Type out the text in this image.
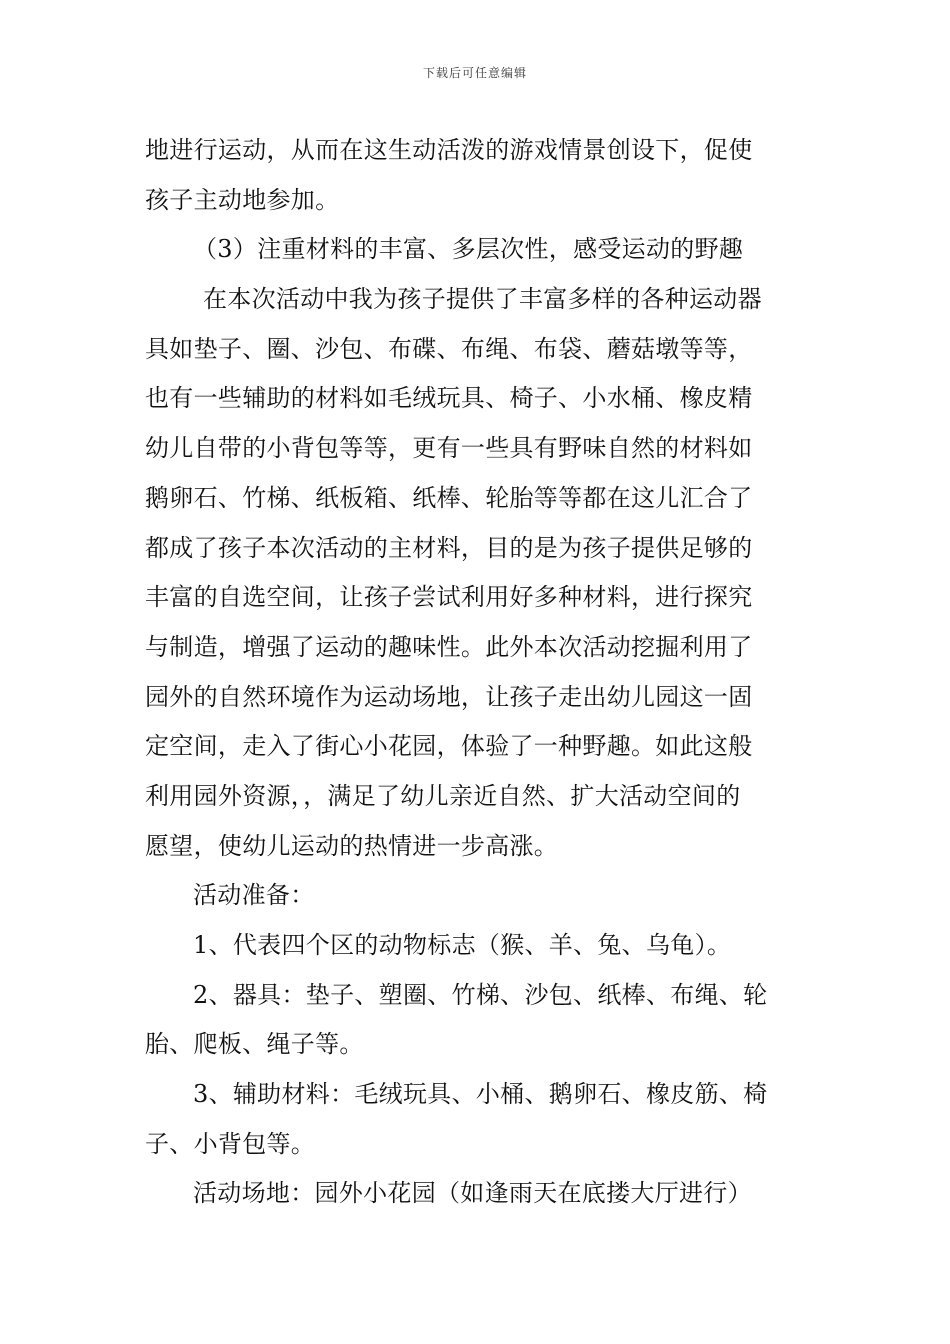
下载后可任意编辑
地进行运动，从而在这生动活泼的游戏情景创设下，促使
孩子主动地参加。
（3）注重材料的丰富、多层次性，感受运动的野趣
在本次活动中我为孩子提供了丰富多样的各种运动器
具如垫子、圈、沙包、布碟、布绳、布袋、蘑菇墩等等，
也有一些辅助的材料如毛绒玩具、椅子、小水桶、橡皮精
幼儿自带的小背包等等，更有一些具有野味自然的材料如
鹅卵石、竹梯、纸板箱、纸棒、轮胎等等都在这儿汇合了
都成了孩子本次活动的主材料，目的是为孩子提供足够的
丰富的自选空间，让孩子尝试利用好多种材料，进行探究
与制造，增强了运动的趣味性。此外本次活动挖掘利用了
园外的自然环境作为运动场地，让孩子走出幼儿园这一固
定空间，走入了街心小花园，体验了一种野趣。如此这般
利用园外资源，，满足了幼儿亲近自然、扩大活动空间的
愿望，使幼儿运动的热情进一步高涨。
活动准备：
1、代表四个区的动物标志（猴、羊、兔、乌龟）。
2、器具：垫子、塑圈、竹梯、沙包、纸棒、布绳、轮
胎、爬板、绳子等。
3、辅助材料：毛绒玩具、小桶、鹅卵石、橡皮筋、椅
子、小背包等。
活动场地：园外小花园（如逢雨天在底搂大厅进行）
